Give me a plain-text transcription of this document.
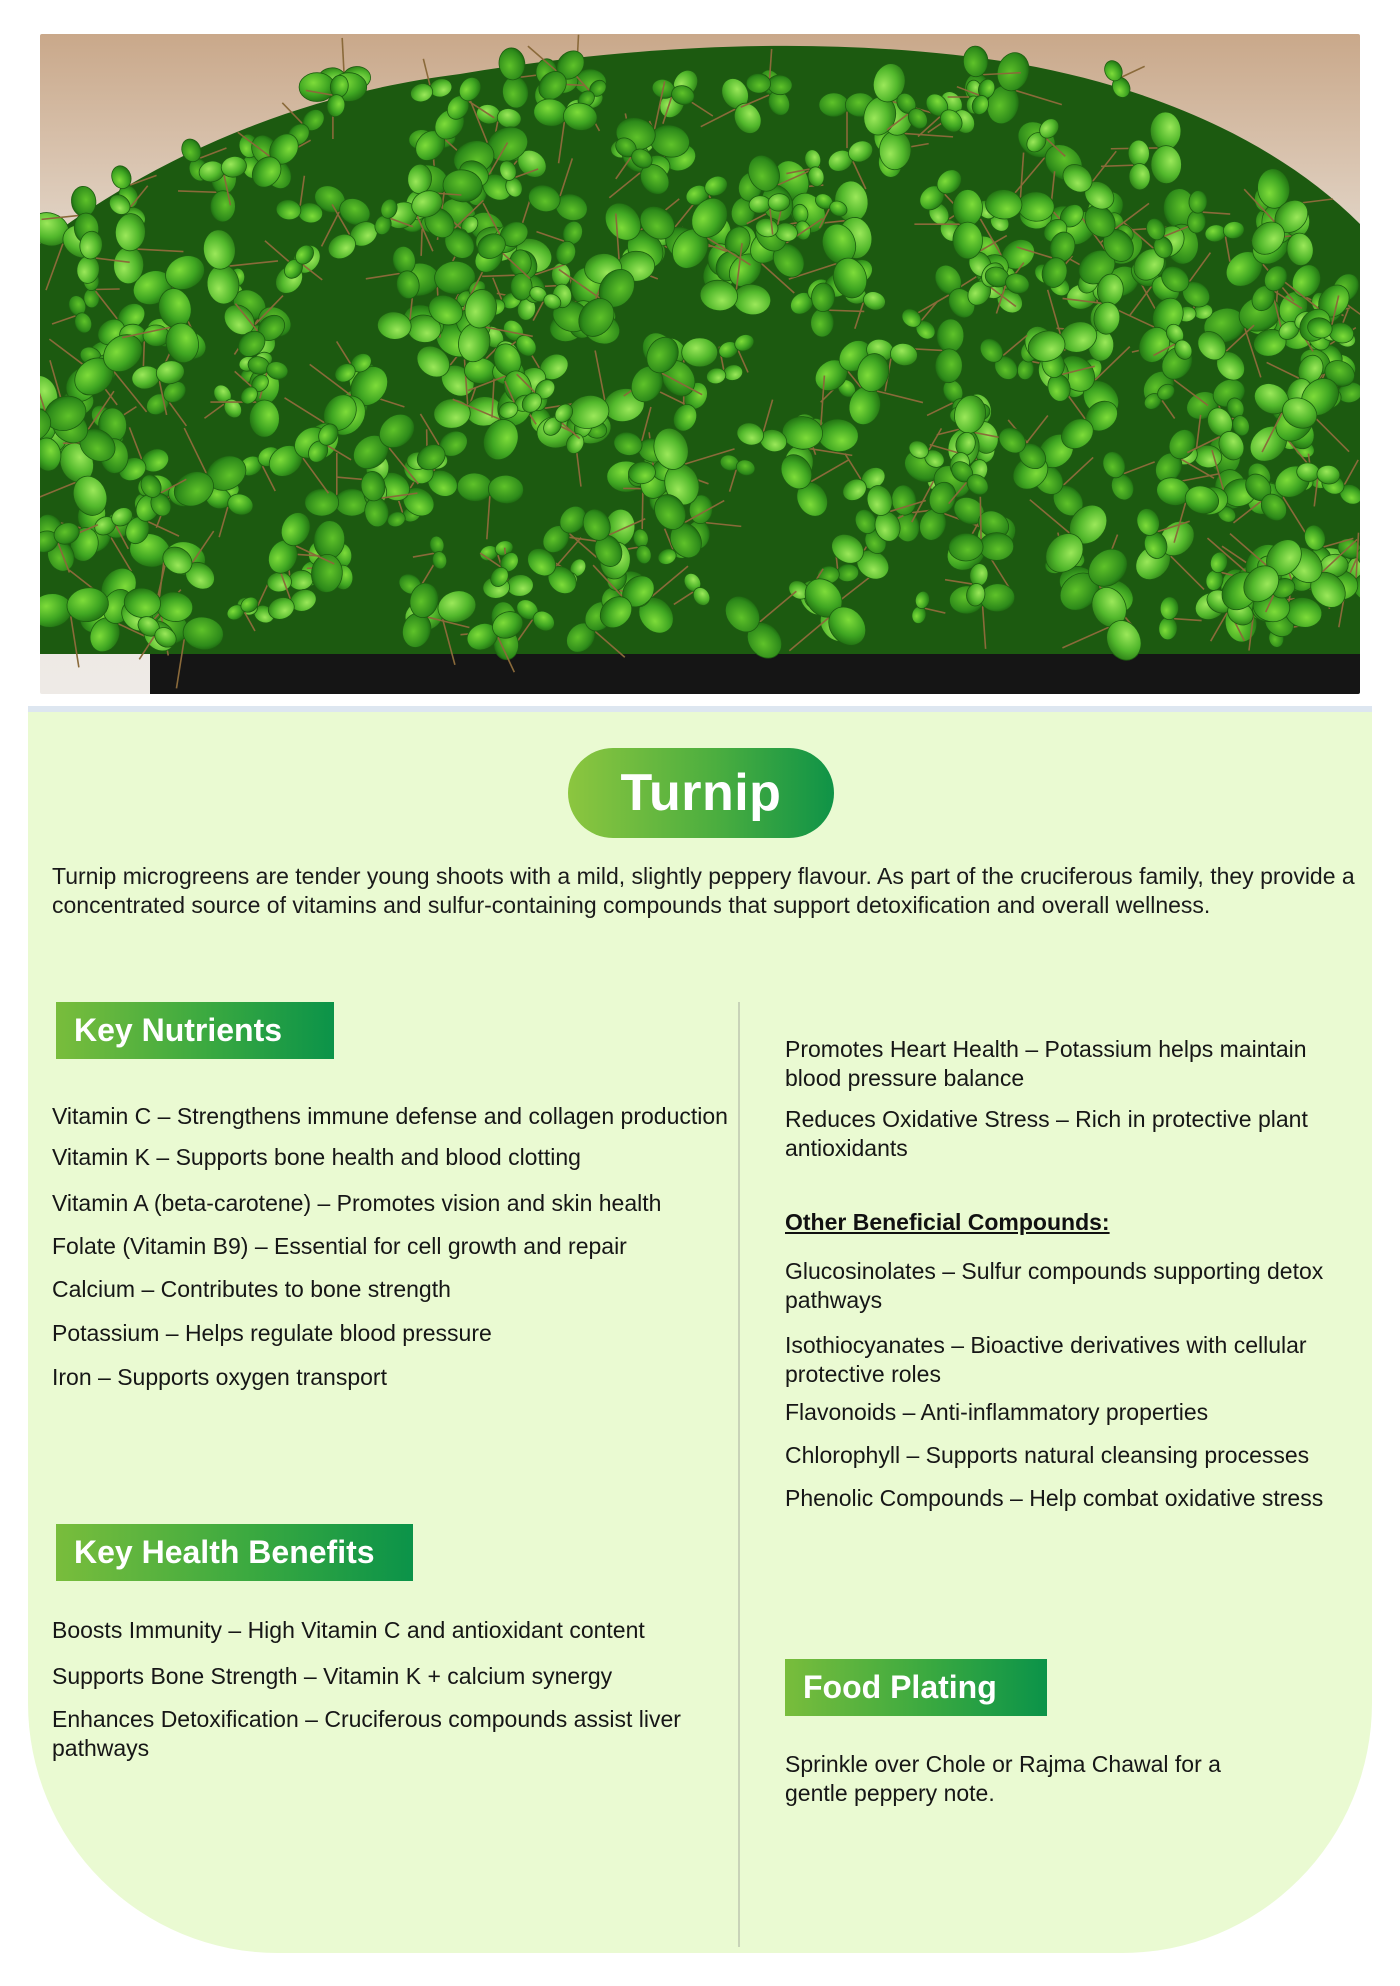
Turnip

Turnip microgreens are tender young shoots with a mild, slightly peppery flavour. As part of the cruciferous family, they provide a concentrated source of vitamins and sulfur-containing compounds that support detoxification and overall wellness.

Key Nutrients
Vitamin C – Strengthens immune defense and collagen production
Vitamin K – Supports bone health and blood clotting
Vitamin A (beta-carotene) – Promotes vision and skin health
Folate (Vitamin B9) – Essential for cell growth and repair
Calcium – Contributes to bone strength
Potassium – Helps regulate blood pressure
Iron – Supports oxygen transport
Key Health Benefits
Boosts Immunity – High Vitamin C and antioxidant content
Supports Bone Strength – Vitamin K + calcium synergy
Enhances Detoxification – Cruciferous compounds assist liver pathways
Promotes Heart Health – Potassium helps maintain blood pressure balance
Reduces Oxidative Stress – Rich in protective plant antioxidants
Other Beneficial Compounds:
Glucosinolates – Sulfur compounds supporting detox pathways
Isothiocyanates – Bioactive derivatives with cellular protective roles
Flavonoids – Anti-inflammatory properties
Chlorophyll – Supports natural cleansing processes
Phenolic Compounds – Help combat oxidative stress
Food Plating

Sprinkle over Chole or Rajma Chawal for a gentle peppery note.
